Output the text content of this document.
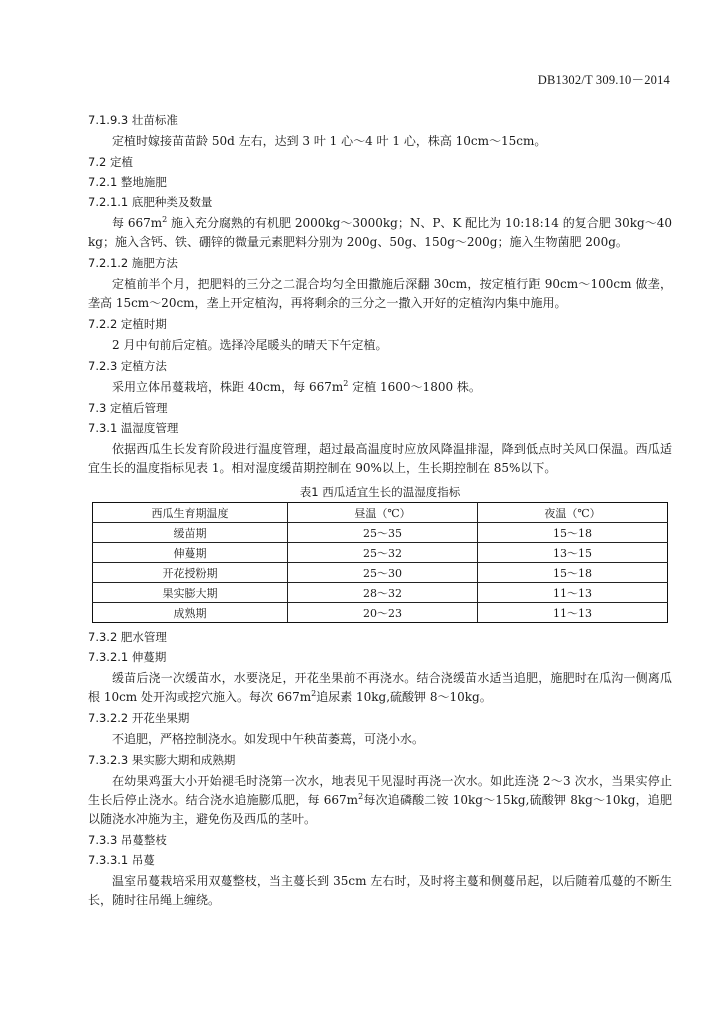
DB1302/T 309.10－2014
7.1.9.3 壮苗标准
定植时嫁接苗苗龄 50d 左右，达到 3 叶 1 心～4 叶 1 心，株高 10cm～15cm。
7.2 定植
7.2.1 整地施肥
7.2.1.1 底肥种类及数量
每 $667m^2$ 施入充分腐熟的有机肥 2000kg～3000kg；N、P、K 配比为 10:18:14 的复合肥 30kg～40kg；施入含钙、铁、硼锌的微量元素肥料分别为 200g、50g、150g～200g；施入生物菌肥 200g。
7.2.1.2 施肥方法
定植前半个月，把肥料的三分之二混合均匀全田撒施后深翻 30cm，按定植行距 90cm～100cm 做垄，垄高 15cm～20cm，垄上开定植沟，再将剩余的三分之一撒入开好的定植沟内集中施用。
7.2.2 定植时期
2 月中旬前后定植。选择冷尾暖头的晴天下午定植。
7.2.3 定植方法
采用立体吊蔓栽培，株距 40cm，每 $667m^2$ 定植 1600～1800 株。
7.3 定植后管理
7.3.1 温湿度管理
依据西瓜生长发育阶段进行温度管理，超过最高温度时应放风降温排湿，降到低点时关风口保温。西瓜适宜生长的温度指标见表 1。相对湿度缓苗期控制在 90%以上，生长期控制在 85%以下。
表1 西瓜适宜生长的温湿度指标
西瓜生育期温度	昼温（℃）	夜温（℃）
缓苗期	25～35	15～18
伸蔓期	25～32	13～15
开花授粉期	25～30	15～18
果实膨大期	28～32	11～13
成熟期	20～23	11～13
7.3.2 肥水管理
7.3.2.1 伸蔓期
缓苗后浇一次缓苗水，水要浇足，开花坐果前不再浇水。结合浇缓苗水适当追肥，施肥时在瓜沟一侧离瓜根 10cm 处开沟或挖穴施入。每次 $667m^2$追尿素 10kg,硫酸钾 8～10kg。
7.3.2.2 开花坐果期
不追肥，严格控制浇水。如发现中午秧苗萎蔫，可浇小水。
7.3.2.3 果实膨大期和成熟期
在幼果鸡蛋大小开始褪毛时浇第一次水，地表见干见湿时再浇一次水。如此连浇 2～3 次水，当果实停止生长后停止浇水。结合浇水追施膨瓜肥，每 $667m^2$每次追磷酸二铵 10kg～15kg,硫酸钾 8kg～10kg，追肥以随浇水冲施为主，避免伤及西瓜的茎叶。
7.3.3 吊蔓整枝
7.3.3.1 吊蔓
温室吊蔓栽培采用双蔓整枝，当主蔓长到 35cm 左右时，及时将主蔓和侧蔓吊起，以后随着瓜蔓的不断生长，随时往吊绳上缠绕。
